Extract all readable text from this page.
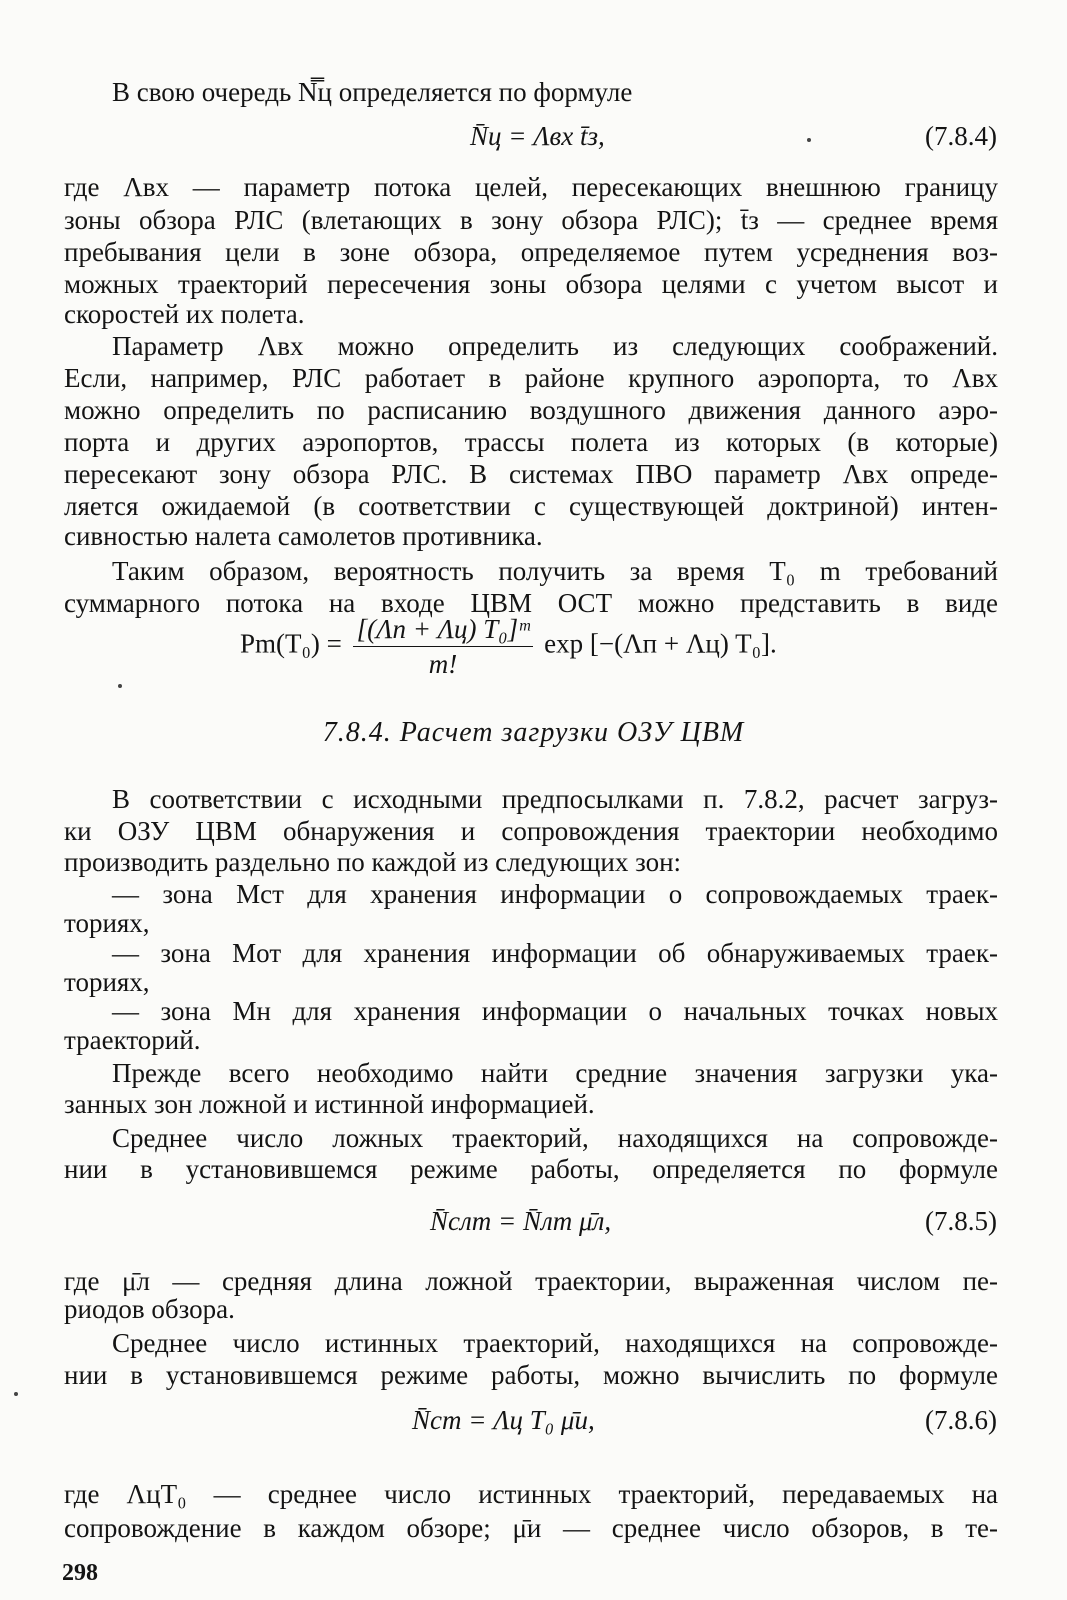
В свою очередь N̿ц определяется по формуле
N̄ц = Λвх t̄з,	(7.8.4)
где Λвх — параметр потока целей, пересекающих внешнюю границу
зоны обзора РЛС (влетающих в зону обзора РЛС); t̄з — среднее время
пребывания цели в зоне обзора, определяемое путем усреднения воз-
можных траекторий пересечения зоны обзора целями с учетом высот и
скоростей их полета.
Параметр Λвх можно определить из следующих соображений.
Если, например, РЛС работает в районе крупного аэропорта, то Λвх
можно определить по расписанию воздушного движения данного аэро-
порта и других аэропортов, трассы полета из которых (в которые)
пересекают зону обзора РЛС. В системах ПВО параметр Λвх опреде-
ляется ожидаемой (в соответствии с существующей доктриной) интен-
сивностью налета самолетов противника.
Таким образом, вероятность получить за время T₀ m требований
суммарного потока на входе ЦВМ ОСТ можно представить в виде
$Pm(T_0) = \frac{\text{[(Λп + Λц) T₀]ᵐ}}{m!}$ exp [−(Λп + Λц) T₀].
7.8.4. Расчет загрузки ОЗУ ЦВМ
В соответствии с исходными предпосылками п. 7.8.2, расчет загруз-
ки ОЗУ ЦВМ обнаружения и сопровождения траектории необходимо
производить раздельно по каждой из следующих зон:
— зона Mст для хранения информации о сопровождаемых траек-
ториях,
— зона Mот для хранения информации об обнаруживаемых траек-
ториях,
— зона Mн для хранения информации о начальных точках новых
траекторий.
Прежде всего необходимо найти средние значения загрузки ука-
занных зон ложной и истинной информацией.
Среднее число ложных траекторий, находящихся на сопровожде-
нии в установившемся режиме работы, определяется по формуле
N̄слт = N̄лт μ̄л,	(7.8.5)
где μ̄л — средняя длина ложной траектории, выраженная числом пе-
риодов обзора.
Среднее число истинных траекторий, находящихся на сопровожде-
нии в установившемся режиме работы, можно вычислить по формуле
N̄ст = Λц T₀ μ̄и,	(7.8.6)
где ΛцT₀ — среднее число истинных траекторий, передаваемых на
сопровождение в каждом обзоре; μ̄и — среднее число обзоров, в те-
298
